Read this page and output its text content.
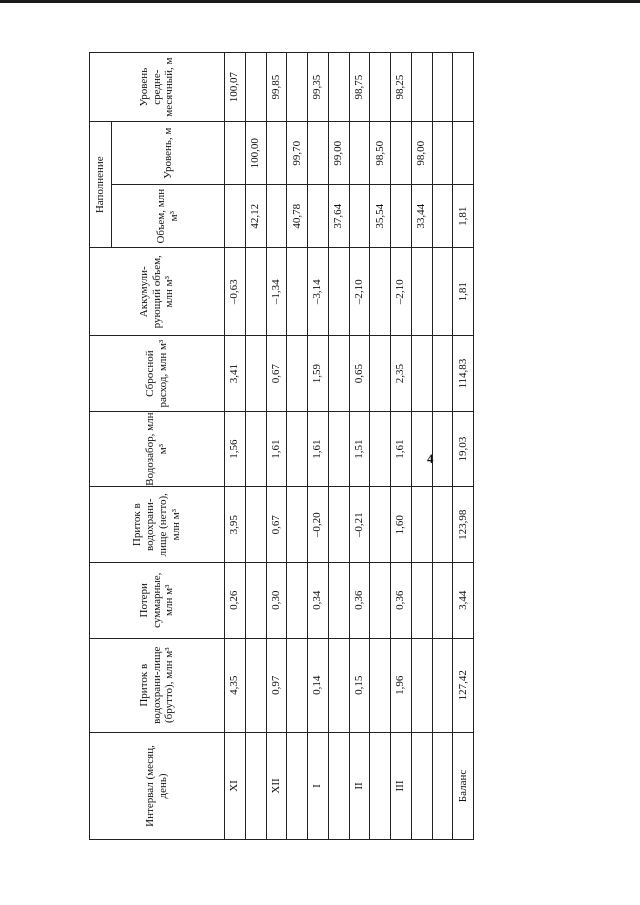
4
Интервал (месяц, день)	Приток в водохрани-лище (брутто), млн м³	Потери суммарные, млн м³	Приток в водохрани-лище (нетто), млн м³	Водозабор, млн м³	Сбросной расход, млн м³	Аккумули-рующий объем, млн м³	Наполнение		Уровень средне-месячный, м
							Объем, млн м³	Уровень, м	
XI	4,35	0,26	3,95	1,56	3,41	–0,63			100,07
							42,12	100,00	
XII	0,97	0,30	0,67	1,61	0,67	–1,34			99,85
							40,78	99,70	
I	0,14	0,34	–0,20	1,61	1,59	–3,14			99,35
							37,64	99,00	
II	0,15	0,36	–0,21	1,51	0,65	–2,10			98,75
							35,54	98,50	
III	1,96	0,36	1,60	1,61	2,35	–2,10			98,25
							33,44	98,00	

Баланс	127,42	3,44	123,98	19,03	114,83	1,81	1,81		
